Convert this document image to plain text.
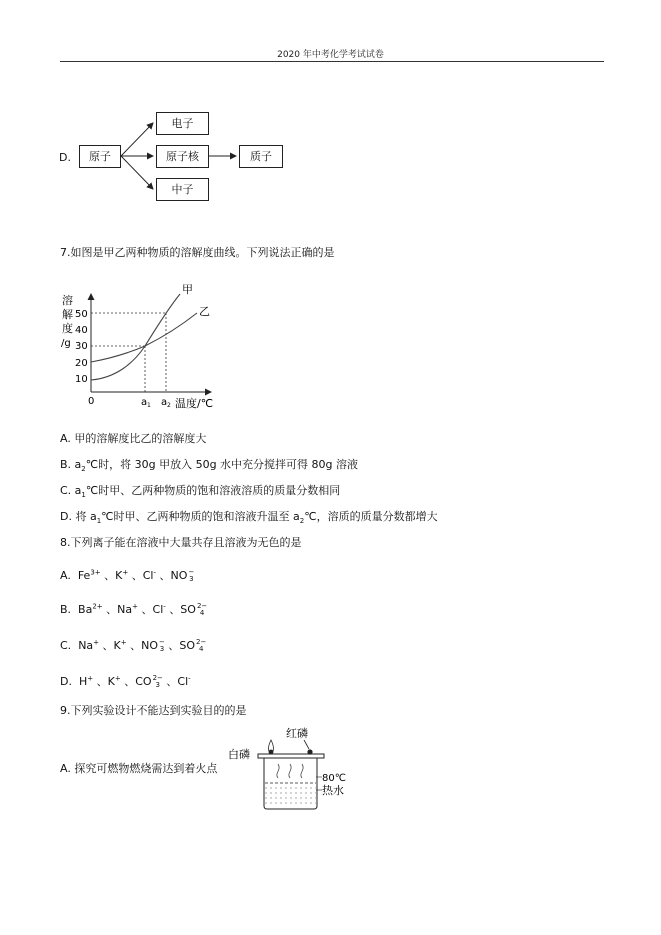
2020 年中考化学考试试卷
D.	原子
电子
原子核
中子
质子
7.如图是甲乙两种物质的溶解度曲线。下列说法正确的是
溶
解
度
/g
50
40
30
20
10
0
甲
乙
a 1 a 2 温度/℃
A. 甲的溶解度比乙的溶解度大
B. $a_2℃$时，将 30g 甲放入 50g 水中充分搅拌可得 80g 溶液
C. $a_1℃$时甲、乙两种物质的饱和溶液溶质的质量分数相同
D. 将 $a_1℃$时甲、乙两种物质的饱和溶液升温至 $a_2℃$，溶质的质量分数都增大
8.下列离子能在溶液中大量共存且溶液为无色的是
A. $Fe^{3+}$ 、K+ 、Cl- 、NO−
3
B. $Ba^{2+}$ 、Na+ 、Cl- 、SO2−
4
C. Na+ 、K+ 、NO−
3 、SO2−
4
D. H+ 、K+ 、CO2−
3 、Cl-
9.下列实验设计不能达到实验目的的是
A. 探究可燃物燃烧需达到着火点
白磷
红磷
80℃
热水
